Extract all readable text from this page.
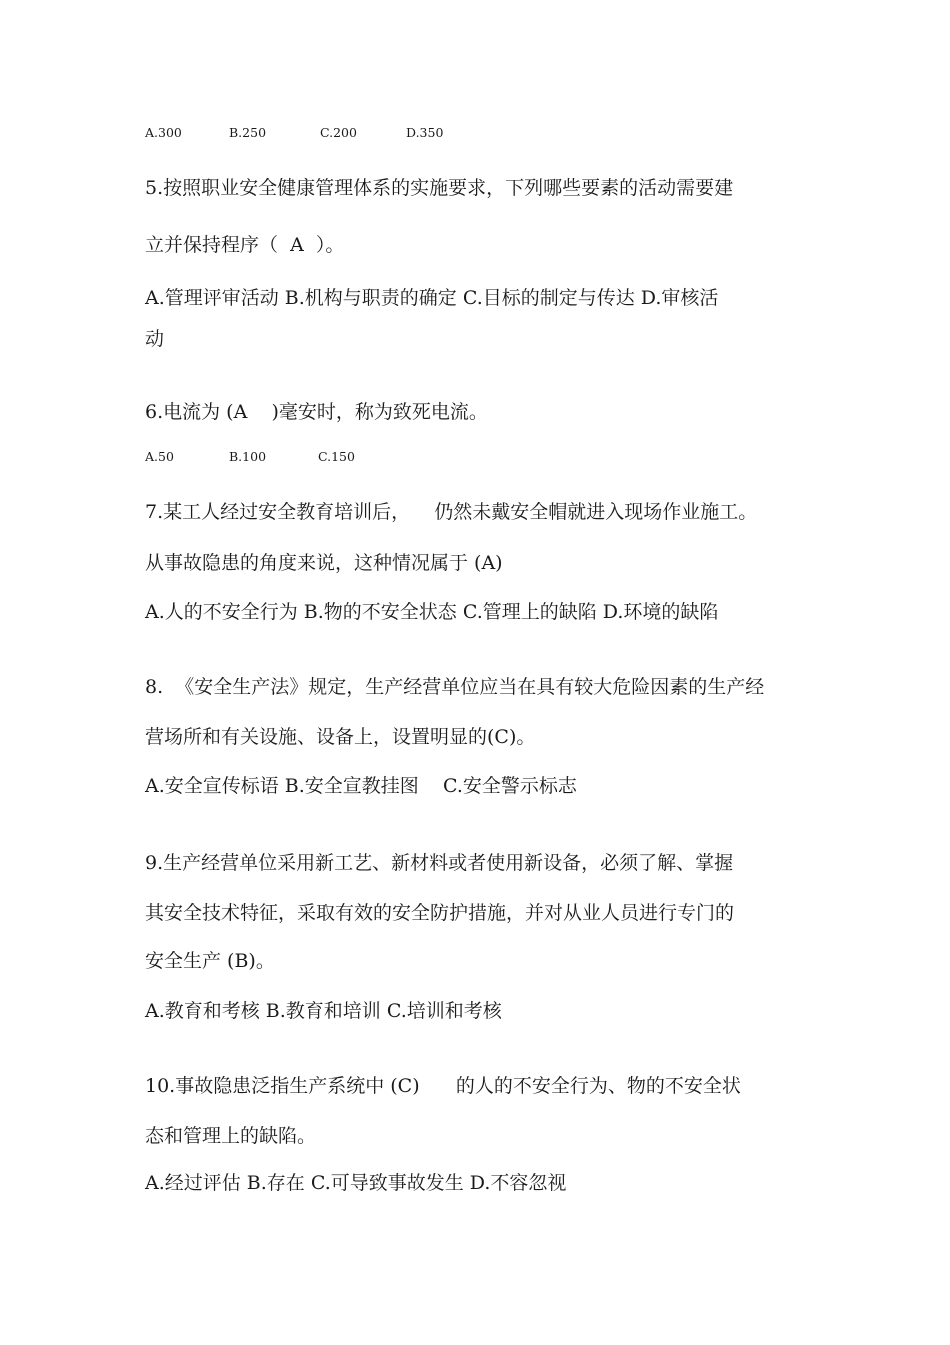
A.300	B.250	C.200	D.350
5.按照职业安全健康管理体系的实施要求，下列哪些要素的活动需要建
立并保持程序（  A  ）。
A.管理评审活动 B.机构与职责的确定 C.目标的制定与传达 D.审核活
动
6.电流为 (A    )毫安时，称为致死电流。
A.50	B.100	C.150
7.某工人经过安全教育培训后，    仍然未戴安全帽就进入现场作业施工。
从事故隐患的角度来说，这种情况属于 (A)
A.人的不安全行为 B.物的不安全状态 C.管理上的缺陷 D.环境的缺陷
8.  《安全生产法》规定，生产经营单位应当在具有较大危险因素的生产经
营场所和有关设施、设备上，设置明显的(C)。
A.安全宣传标语 B.安全宣教挂图    C.安全警示标志
9.生产经营单位采用新工艺、新材料或者使用新设备，必须了解、掌握
其安全技术特征，采取有效的安全防护措施，并对从业人员进行专门的
安全生产 (B)。
A.教育和考核 B.教育和培训 C.培训和考核
10.事故隐患泛指生产系统中 (C)      的人的不安全行为、物的不安全状
态和管理上的缺陷。
A.经过评估 B.存在 C.可导致事故发生 D.不容忽视
